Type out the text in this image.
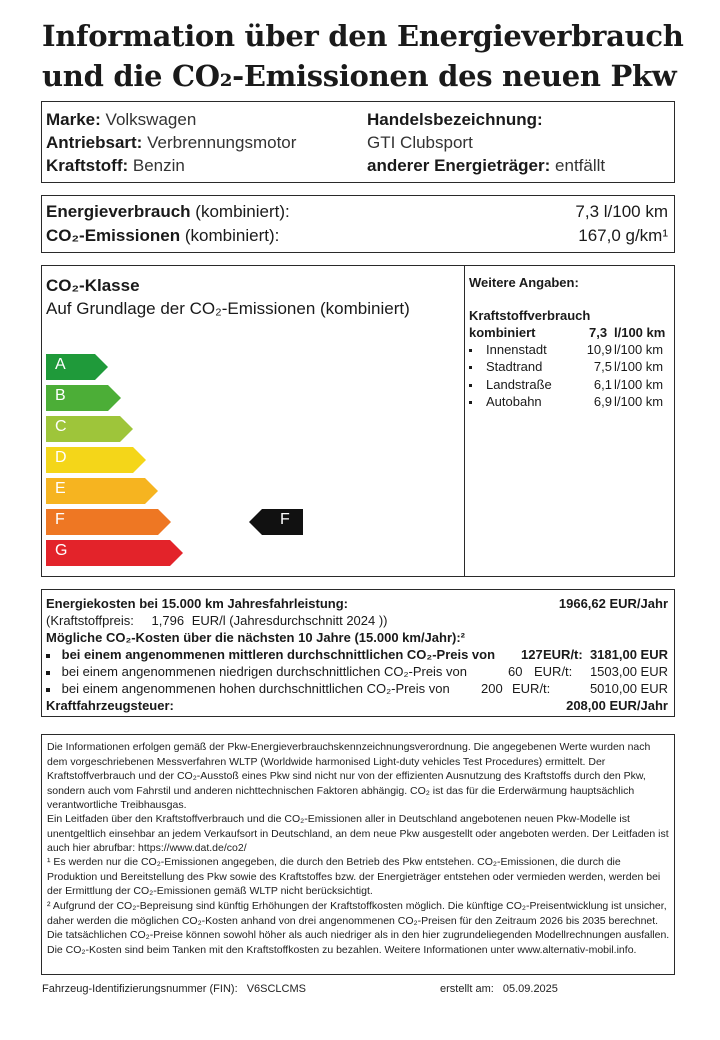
Information über den Energieverbrauch
und die CO₂-Emissionen des neuen Pkw
Marke: Volkswagen
Antriebsart: Verbrennungsmotor
Kraftstoff: Benzin
Handelsbezeichnung:
GTI Clubsport
anderer Energieträger: entfällt
Energieverbrauch (kombiniert):	7,3 l/100 km
CO₂-Emissionen (kombiniert):	167,0 g/km¹
CO₂-Klasse
Auf Grundlage der CO₂-Emissionen (kombiniert)
A
B
C
D
E
F
G
F
Weitere Angaben:
Kraftstoffverbrauch
kombiniert	7,3 l/100 km
Innenstadt	10,9 l/100 km
Stadtrand	7,5 l/100 km
Landstraße	6,1 l/100 km
Autobahn	6,9 l/100 km
Energiekosten bei 15.000 km Jahresfahrleistung:	1966,62 EUR/Jahr
(Kraftstoffpreis: 1,796 EUR/l (Jahresdurchschnitt 2024 ))
Mögliche CO₂-Kosten über die nächsten 10 Jahre (15.000 km/Jahr):²
bei einem angenommenen mittleren durchschnittlichen CO₂-Preis von 127 EUR/t: 3181,00 EUR
bei einem angenommenen niedrigen durchschnittlichen CO₂-Preis von	60 EUR/t: 1503,00 EUR
bei einem angenommenen hohen durchschnittlichen CO₂-Preis von 200 EUR/t:	5010,00 EUR
Kraftfahrzeugsteuer:	208,00 EUR/Jahr
Die Informationen erfolgen gemäß der Pkw-Energieverbrauchskennzeichnungsverordnung. Die angegebenen Werte wurden nach dem vorgeschriebenen Messverfahren WLTP (Worldwide harmonised Light-duty vehicles Test Procedures) ermittelt. Der Kraftstoffverbrauch und der CO₂-Ausstoß eines Pkw sind nicht nur von der effizienten Ausnutzung des Kraftstoffs durch den Pkw, sondern auch vom Fahrstil und anderen nichttechnischen Faktoren abhängig. CO₂ ist das für die Erderwärmung hauptsächlich verantwortliche Treibhausgas.
Ein Leitfaden über den Kraftstoffverbrauch und die CO₂-Emissionen aller in Deutschland angebotenen neuen Pkw-Modelle ist unentgeltlich einsehbar an jedem Verkaufsort in Deutschland, an dem neue Pkw ausgestellt oder angeboten werden. Der Leitfaden ist auch hier abrufbar: https://www.dat.de/co2/
¹ Es werden nur die CO₂-Emissionen angegeben, die durch den Betrieb des Pkw entstehen. CO₂-Emissionen, die durch die Produktion und Bereitstellung des Pkw sowie des Kraftstoffes bzw. der Energieträger entstehen oder vermieden werden, werden bei der Ermittlung der CO₂-Emissionen gemäß WLTP nicht berücksichtigt.
² Aufgrund der CO₂-Bepreisung sind künftig Erhöhungen der Kraftstoffkosten möglich. Die künftige CO₂-Preisentwicklung ist unsicher, daher werden die möglichen CO₂-Kosten anhand von drei angenommenen CO₂-Preisen für den Zeitraum 2026 bis 2035 berechnet. Die tatsächlichen CO₂-Preise können sowohl höher als auch niedriger als in den hier zugrundeliegenden Modellrechnungen ausfallen. Die CO₂-Kosten sind beim Tanken mit den Kraftstoffkosten zu bezahlen. Weitere Informationen unter www.alternativ-mobil.info.
Fahrzeug-Identifizierungsnummer (FIN): V6SCLCMS	erstellt am: 05.09.2025
